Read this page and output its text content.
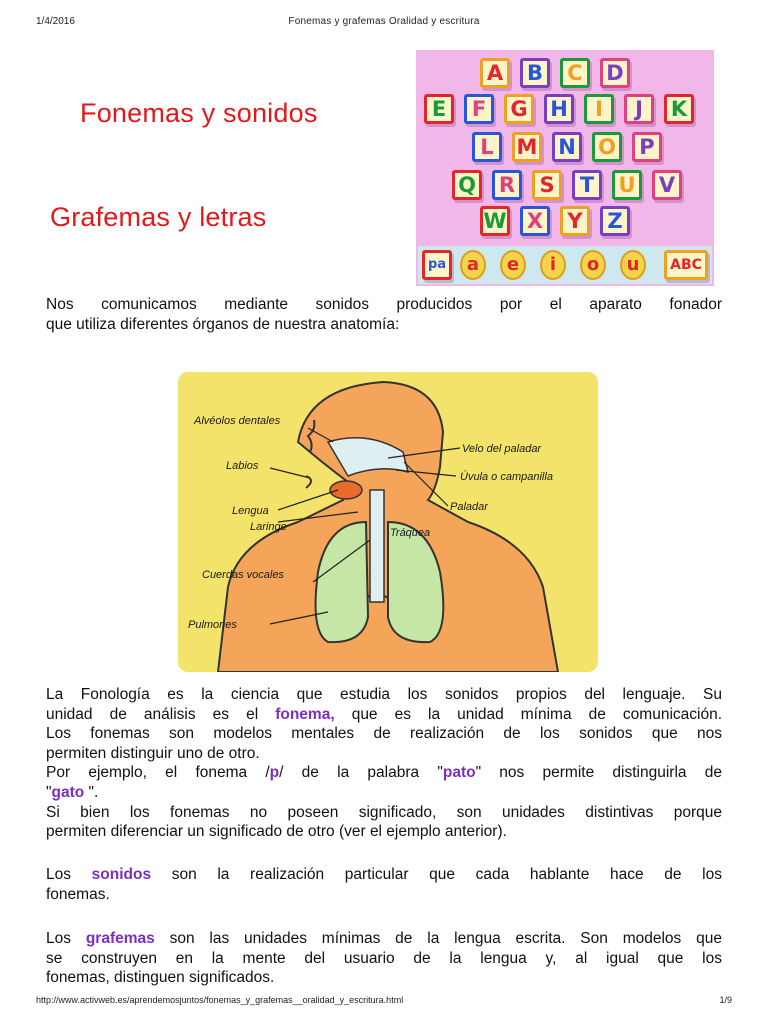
1/4/2016	Fonemas y grafemas Oralidad y escritura
Fonemas y sonidos
Grafemas y letras
A	B	C	D
E	F	G	H	I	J	K
L	M N O	P
Q	R	S	T	U	V
W X	Y	Z
pa	a	e	i	o	u	ABC

Nos comunicamos mediante sonidos producidos por el aparato fonador
que utiliza diferentes órganos de nuestra anatomía:

Alvéolos dentales
Labios
Lengua
Laringe
Cuerdas vocales
Pulmones
Velo del paladar
Úvula o campanilla
Paladar
Tráquea

La Fonología es la ciencia que estudia los sonidos propios del lenguaje. Su
unidad de análisis es el fonema, que es la unidad mínima de comunicación.
Los fonemas son modelos mentales de realización de los sonidos que nos
permiten distinguir uno de otro.
Por ejemplo, el fonema /p/ de la palabra "pato" nos permite distinguirla de
"gato ".
Si bien los fonemas no poseen significado, son unidades distintivas porque
permiten diferenciar un significado de otro (ver el ejemplo anterior).

Los sonidos son la realización particular que cada hablante hace de los
fonemas.

Los grafemas son las unidades mínimas de la lengua escrita. Son modelos que
se construyen en la mente del usuario de la lengua y, al igual que los
fonemas, distinguen significados.

http://www.activweb.es/aprendemosjuntos/fonemas_y_grafemas__oralidad_y_escritura.html	1/9
